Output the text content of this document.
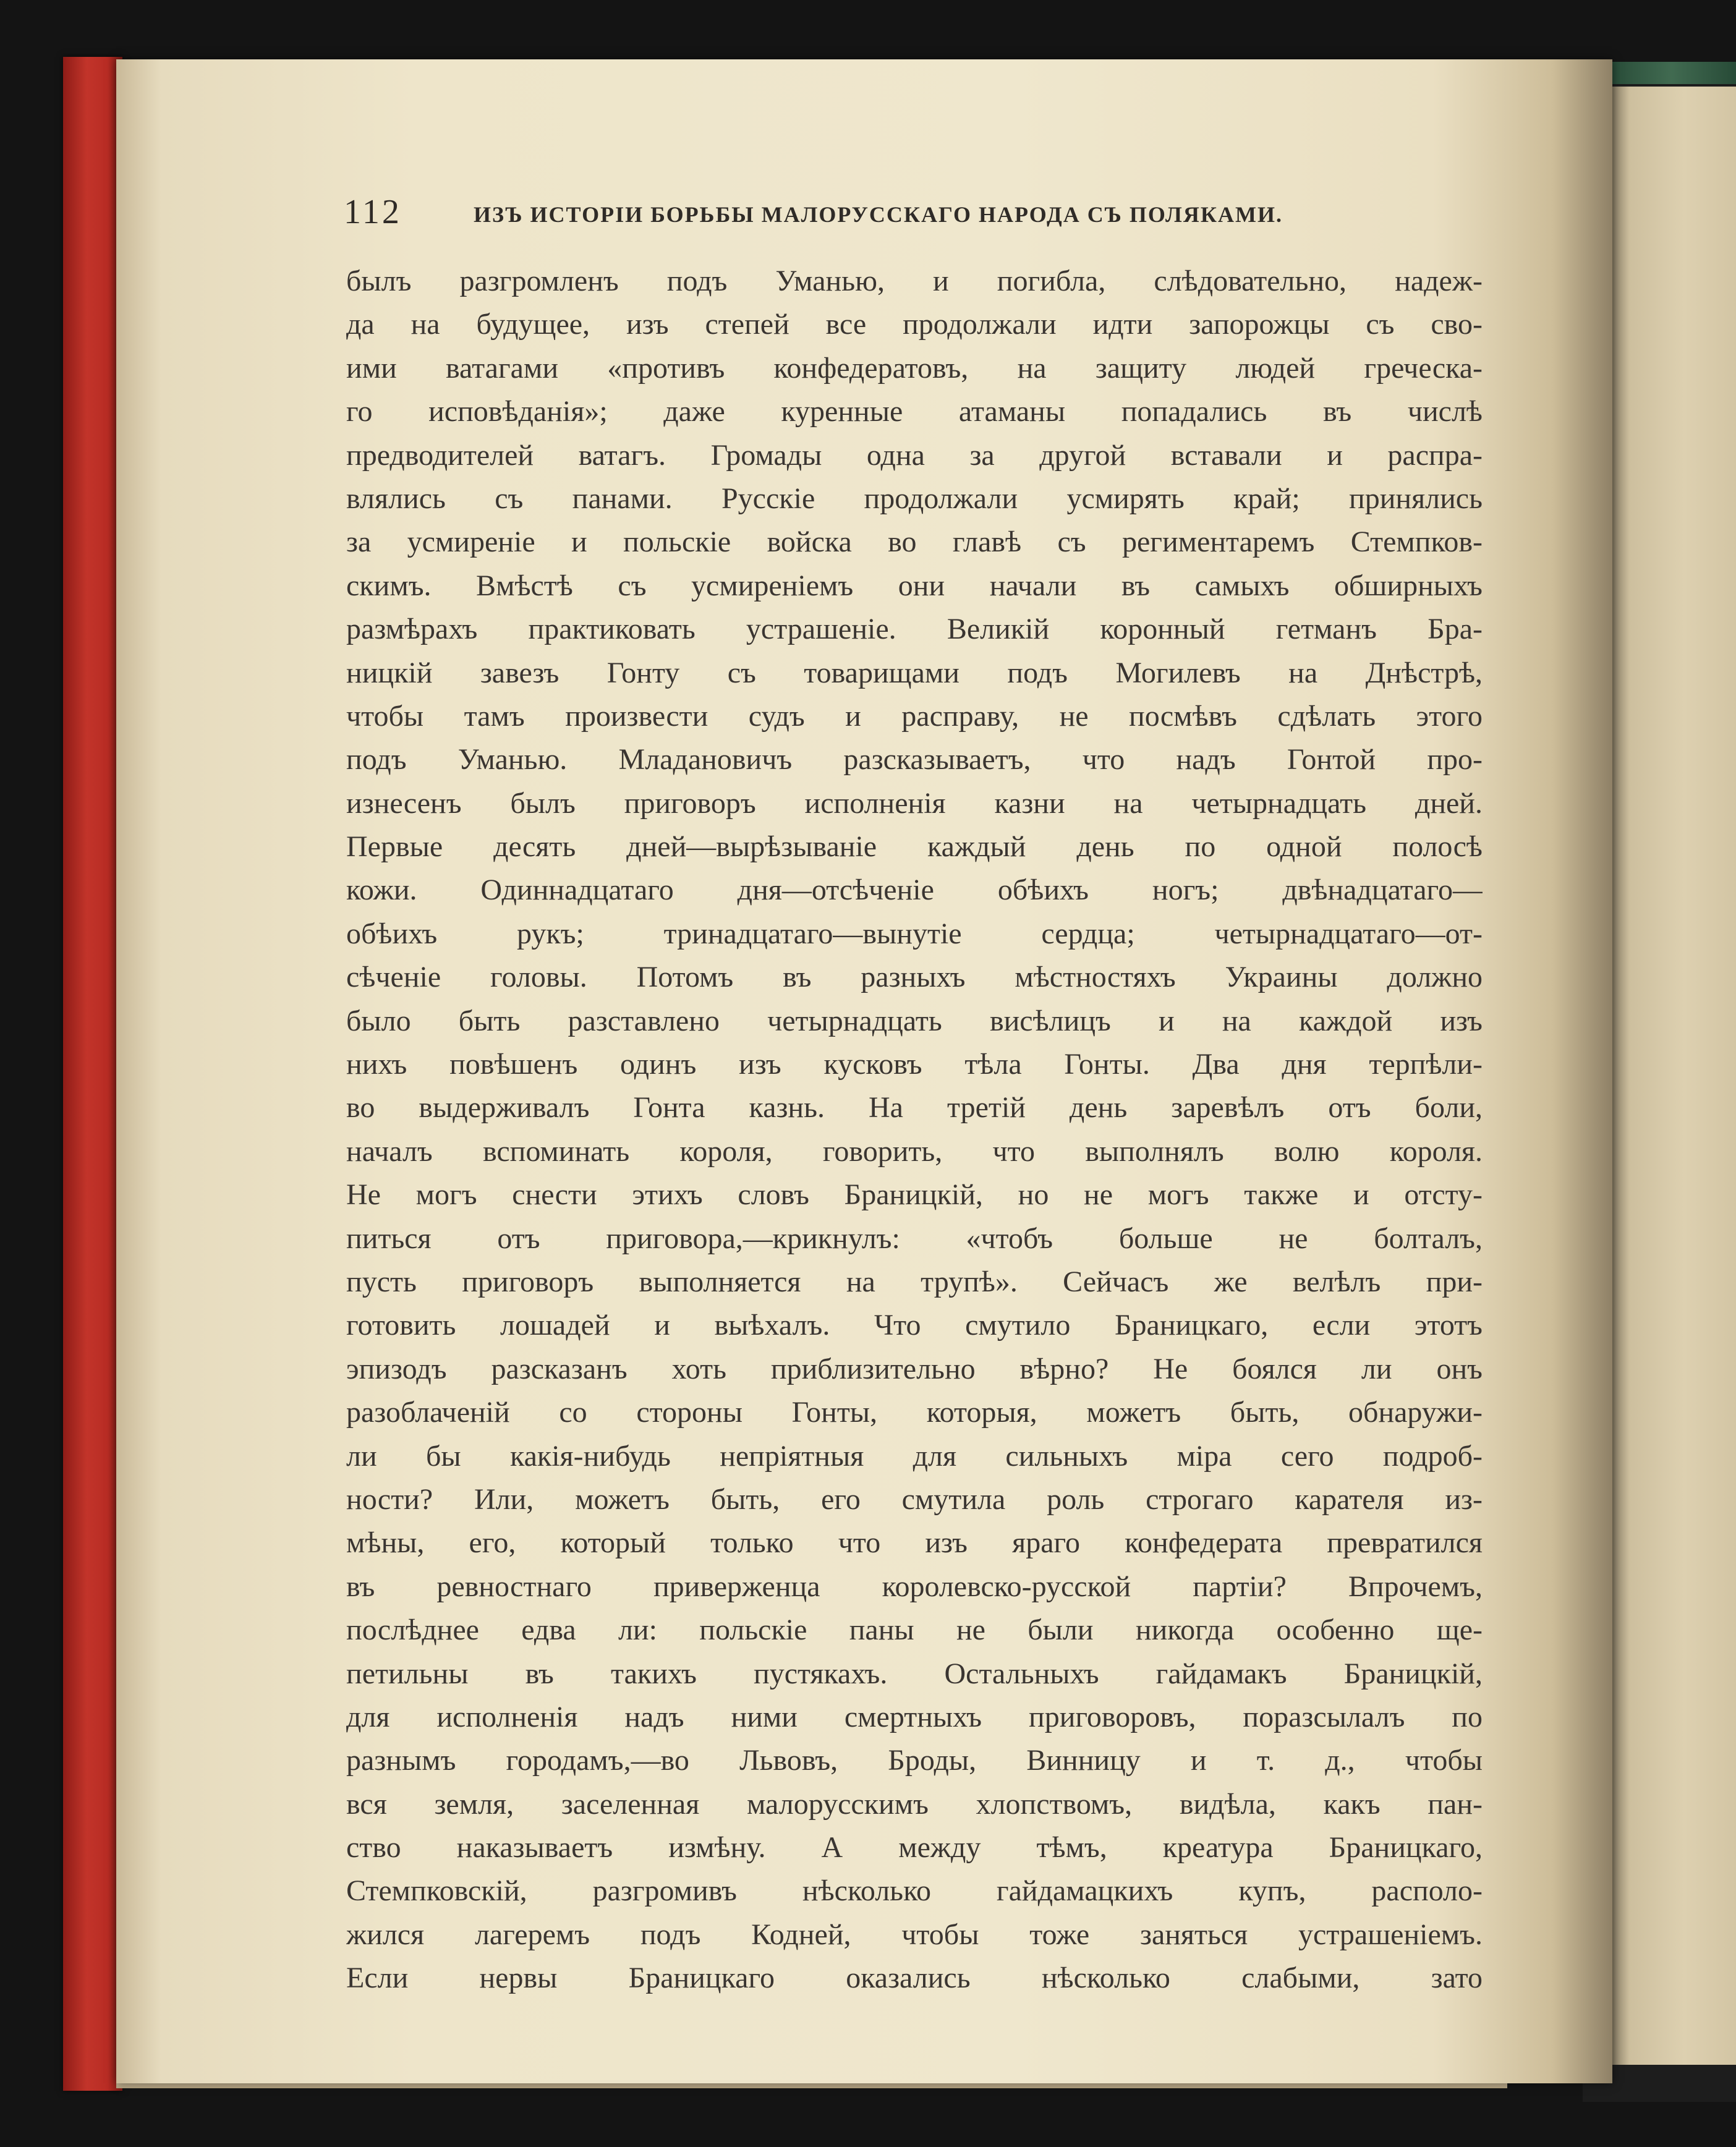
112	ИЗЪ ИСТОРІИ БОРЬБЫ МАЛОРУССКАГО НАРОДА СЪ ПОЛЯКАМИ.
былъ разгромленъ подъ Уманью, и погибла, слѣдовательно, надеж-
да на будущее, изъ степей все продолжали идти запорожцы съ сво-
ими ватагами «противъ конфедератовъ, на защиту людей греческа-
го исповѣданія»; даже куренные атаманы попадались въ числѣ
предводителей ватагъ. Громады одна за другой вставали и распра-
влялись съ панами. Русскіе продолжали усмирять край; принялись
за усмиреніе и польскіе войска во главѣ съ региментаремъ Стемпков-
скимъ. Вмѣстѣ съ усмиреніемъ они начали въ самыхъ обширныхъ
размѣрахъ практиковать устрашеніе. Великій коронный гетманъ Бра-
ницкій завезъ Гонту съ товарищами подъ Могилевъ на Днѣстрѣ,
чтобы тамъ произвести судъ и расправу, не посмѣвъ сдѣлать этого
подъ Уманью. Младановичъ разсказываетъ, что надъ Гонтой про-
изнесенъ былъ приговоръ исполненія казни на четырнадцать дней.
Первые десять дней—вырѣзываніе каждый день по одной полосѣ
кожи. Одиннадцатаго дня—отсѣченіе обѣихъ ногъ; двѣнадцатаго—
обѣихъ рукъ; тринадцатаго—вынутіе сердца; четырнадцатаго—от-
сѣченіе головы. Потомъ въ разныхъ мѣстностяхъ Украины должно
было быть разставлено четырнадцать висѣлицъ и на каждой изъ
нихъ повѣшенъ одинъ изъ кусковъ тѣла Гонты. Два дня терпѣли-
во выдерживалъ Гонта казнь. На третій день заревѣлъ отъ боли,
началъ вспоминать короля, говорить, что выполнялъ волю короля.
Не могъ снести этихъ словъ Браницкій, но не могъ также и отсту-
питься отъ приговора,—крикнулъ: «чтобъ больше не болталъ,
пусть приговоръ выполняется на трупѣ». Сейчасъ же велѣлъ при-
готовить лошадей и выѣхалъ. Что смутило Браницкаго, если этотъ
эпизодъ разсказанъ хоть приблизительно вѣрно? Не боялся ли онъ
разоблаченій со стороны Гонты, которыя, можетъ быть, обнаружи-
ли бы какія-нибудь непріятныя для сильныхъ міра сего подроб-
ности? Или, можетъ быть, его смутила роль строгаго карателя из-
мѣны, его, который только что изъ яраго конфедерата превратился
въ ревностнаго приверженца королевско-русской партіи? Впрочемъ,
послѣднее едва ли: польскіе паны не были никогда особенно ще-
петильны въ такихъ пустякахъ. Остальныхъ гайдамакъ Браницкій,
для исполненія надъ ними смертныхъ приговоровъ, поразсылалъ по
разнымъ городамъ,—во Львовъ, Броды, Винницу и т. д., чтобы
вся земля, заселенная малорусскимъ хлопствомъ, видѣла, какъ пан-
ство наказываетъ измѣну. А между тѣмъ, креатура Браницкаго,
Стемпковскій, разгромивъ нѣсколько гайдамацкихъ купъ, располо-
жился лагеремъ подъ Кодней, чтобы тоже заняться устрашеніемъ.
Если нервы Браницкаго оказались нѣсколько слабыми, зато
